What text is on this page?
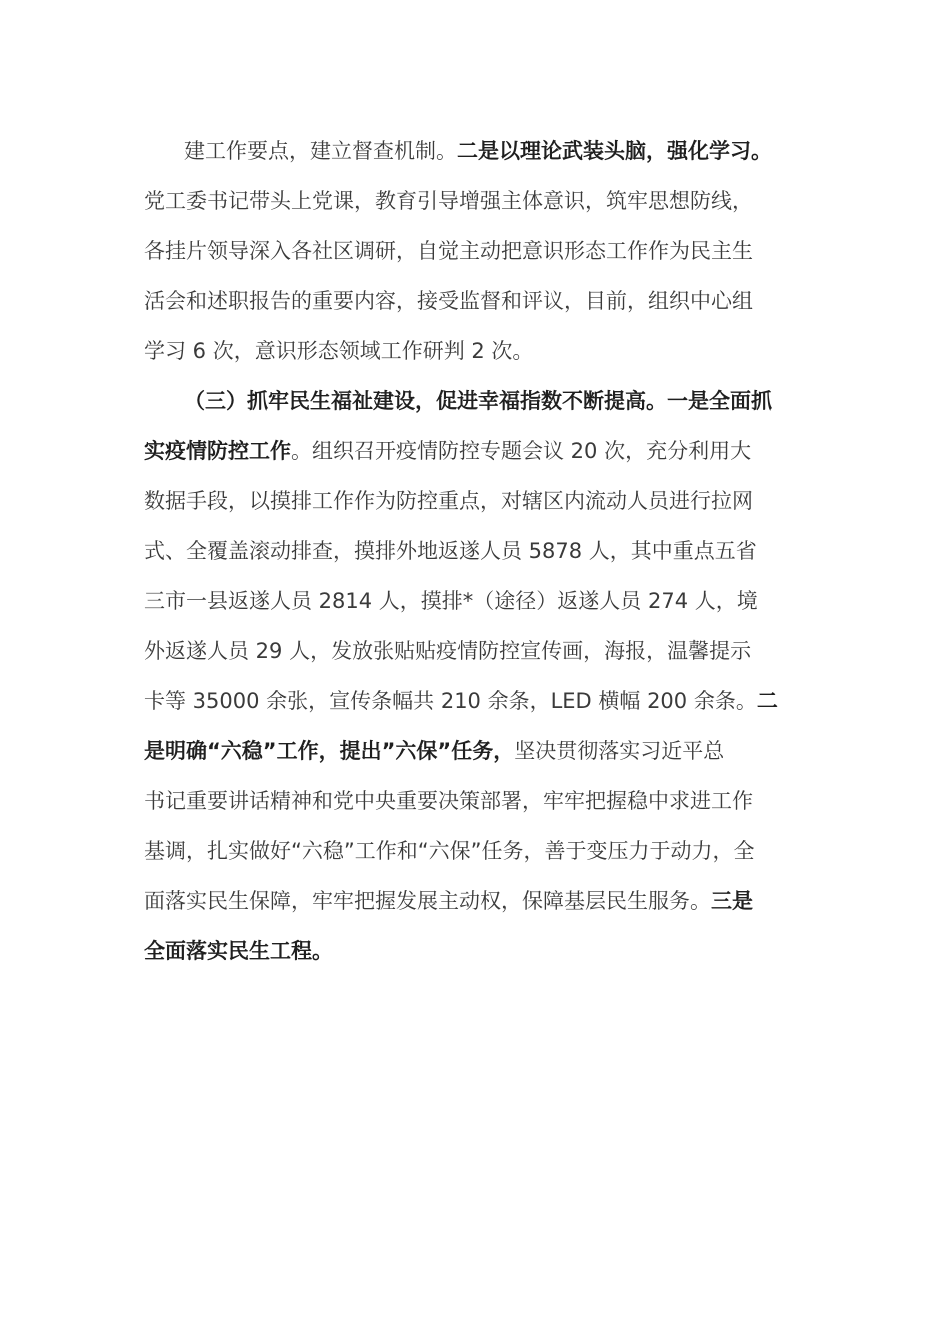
建工作要点，建立督查机制。二是以理论武装头脑，强化学习。
党工委书记带头上党课，教育引导增强主体意识，筑牢思想防线，
各挂片领导深入各社区调研，自觉主动把意识形态工作作为民主生
活会和述职报告的重要内容，接受监督和评议，目前，组织中心组
学习 6 次，意识形态领域工作研判 2 次。
（三）抓牢民生福祉建设，促进幸福指数不断提高。一是全面抓
实疫情防控工作。组织召开疫情防控专题会议 20 次，充分利用大
数据手段，以摸排工作作为防控重点，对辖区内流动人员进行拉网
式、全覆盖滚动排查，摸排外地返遂人员 5878 人，其中重点五省
三市一县返遂人员 2814 人，摸排*（途径）返遂人员 274 人，境
外返遂人员 29 人，发放张贴贴疫情防控宣传画，海报，温馨提示
卡等 35000 余张，宣传条幅共 210 余条，LED 横幅 200 余条。二
是明确“六稳”工作，提出”六保”任务，坚决贯彻落实习近平总
书记重要讲话精神和党中央重要决策部署，牢牢把握稳中求进工作
基调，扎实做好“六稳”工作和“六保”任务，善于变压力于动力，全
面落实民生保障，牢牢把握发展主动权，保障基层民生服务。三是
全面落实民生工程。
